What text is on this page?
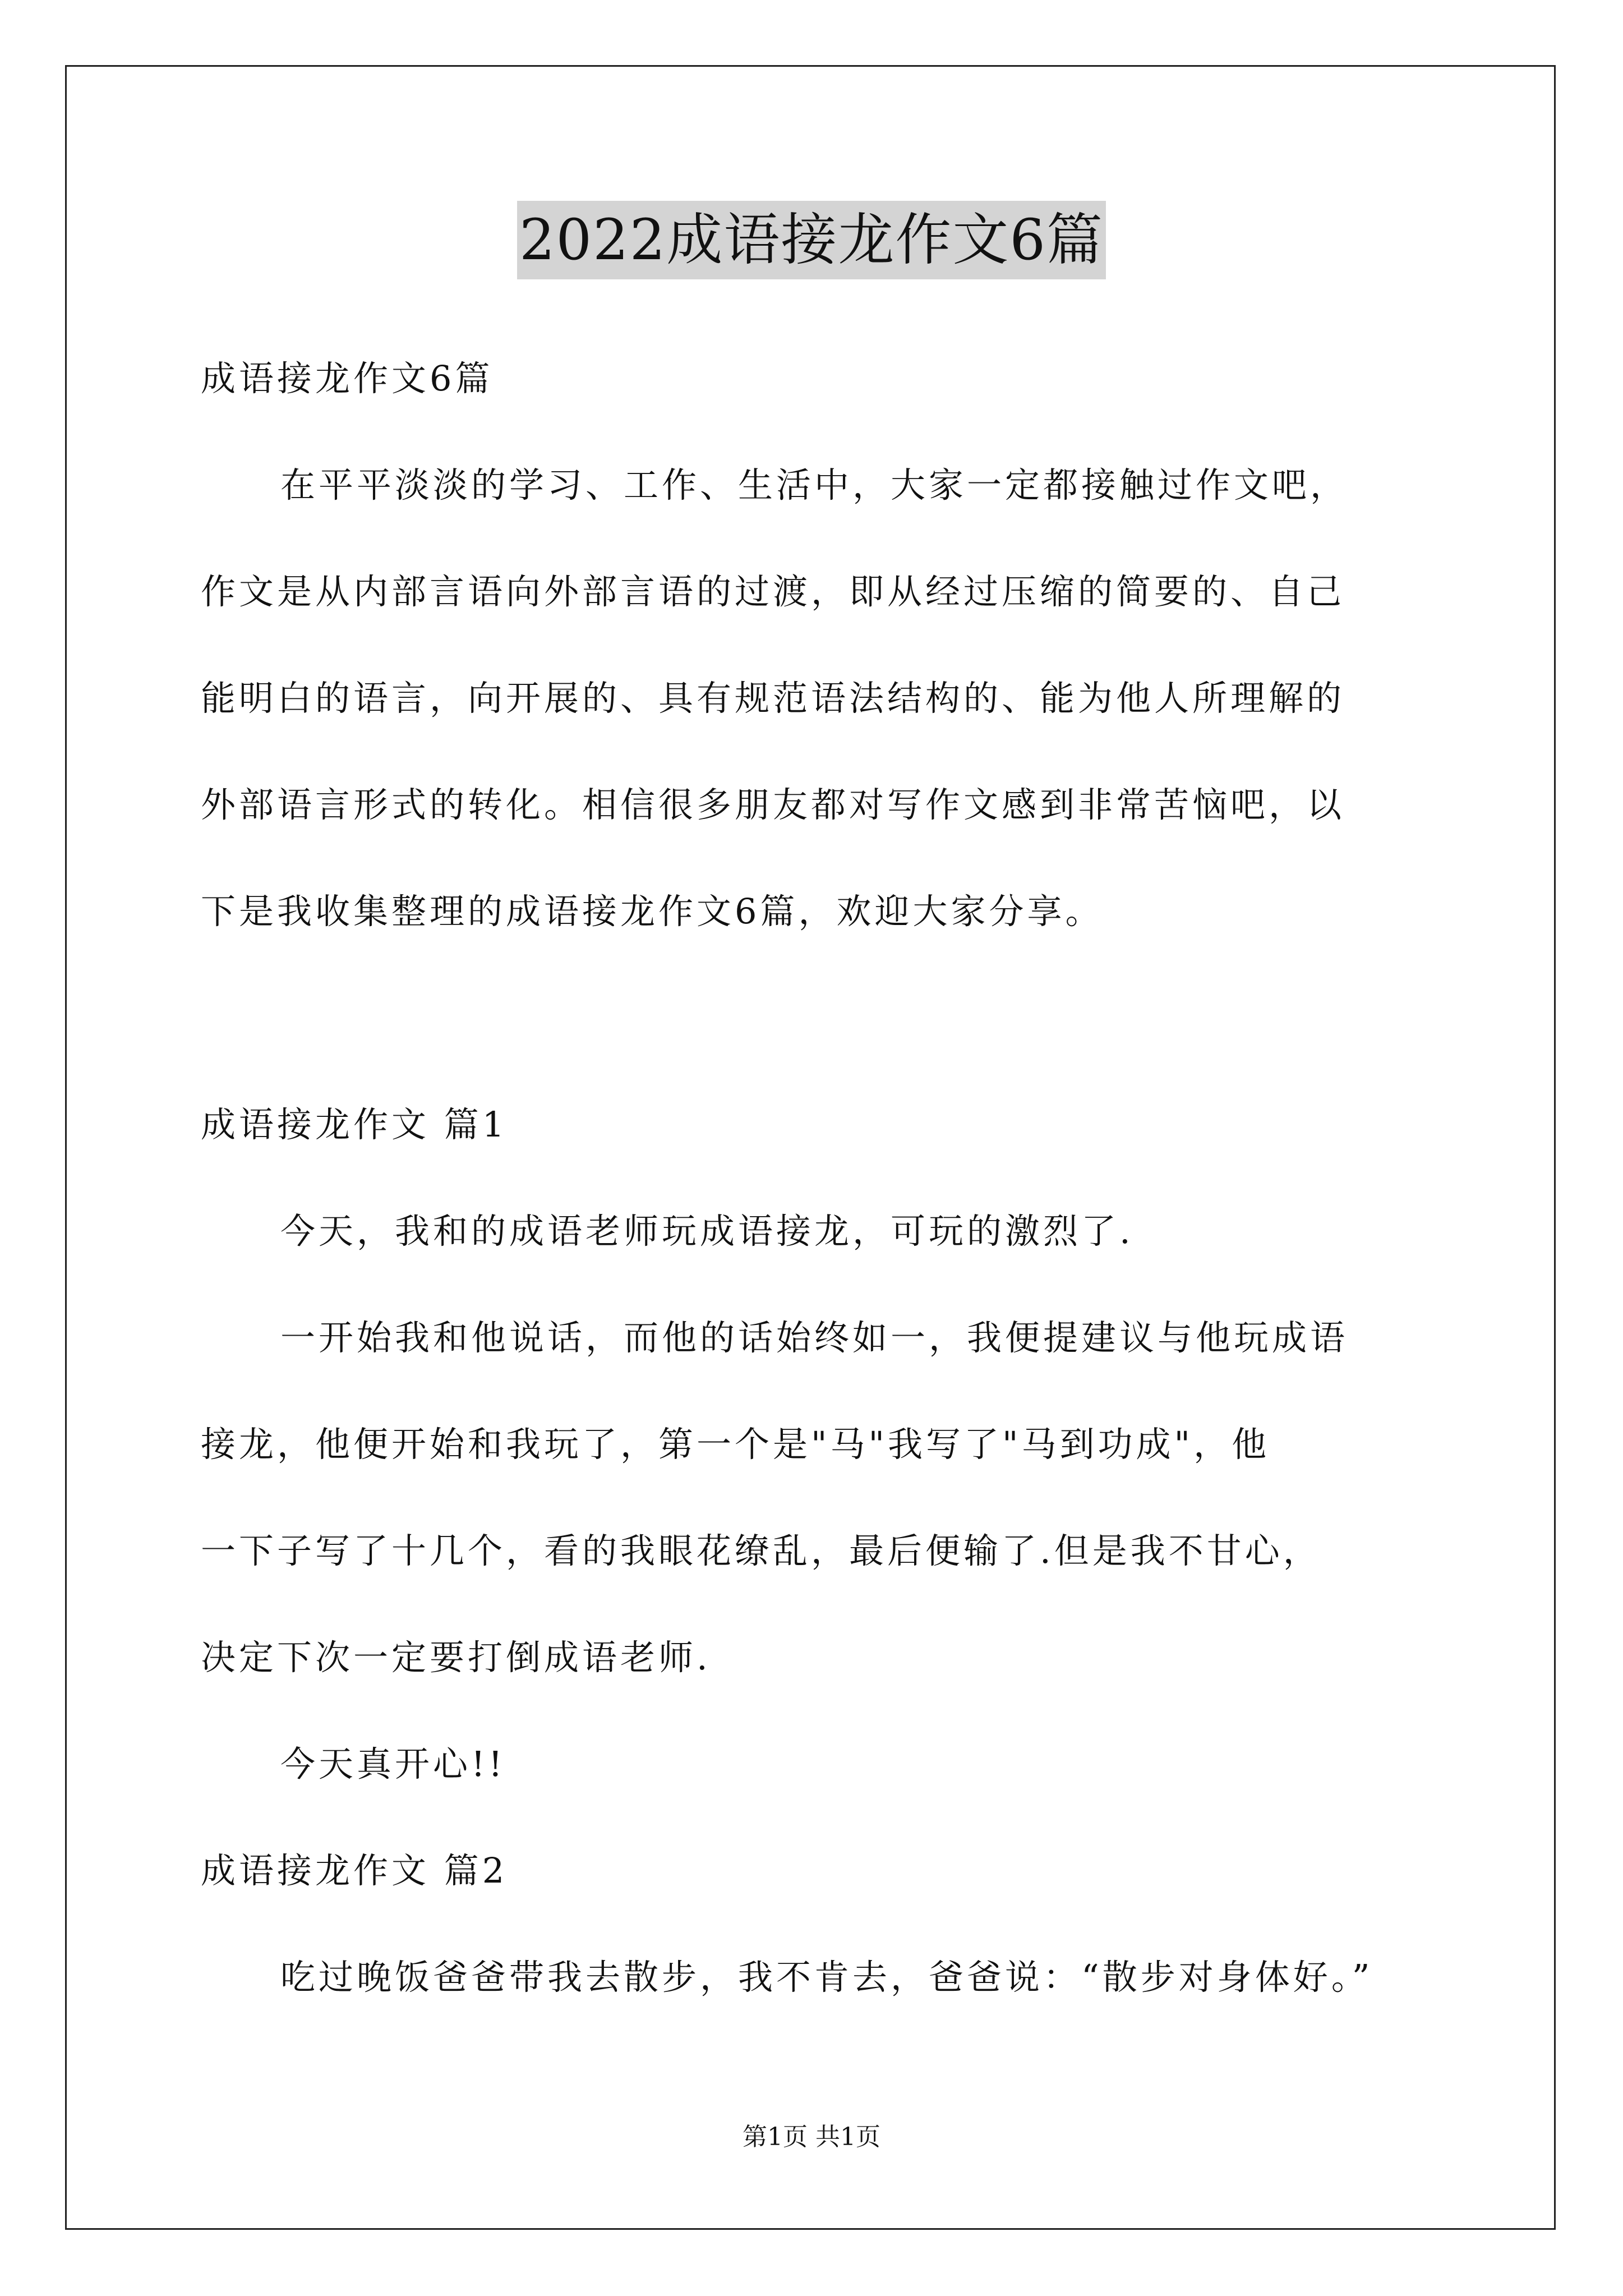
2022成语接龙作文6篇
成语接龙作文6篇
在平平淡淡的学习、工作、生活中，大家一定都接触过作文吧，
作文是从内部言语向外部言语的过渡，即从经过压缩的简要的、自己
能明白的语言，向开展的、具有规范语法结构的、能为他人所理解的
外部语言形式的转化。相信很多朋友都对写作文感到非常苦恼吧，以
下是我收集整理的成语接龙作文6篇，欢迎大家分享。
成语接龙作文 篇1
今天，我和的成语老师玩成语接龙，可玩的激烈了.
一开始我和他说话，而他的话始终如一，我便提建议与他玩成语
接龙，他便开始和我玩了，第一个是"马"我写了"马到功成"，他
一下子写了十几个，看的我眼花缭乱，最后便输了.但是我不甘心，
决定下次一定要打倒成语老师.
今天真开心!!
成语接龙作文 篇2
吃过晚饭爸爸带我去散步，我不肯去，爸爸说：“散步对身体好。”
第1页 共1页
